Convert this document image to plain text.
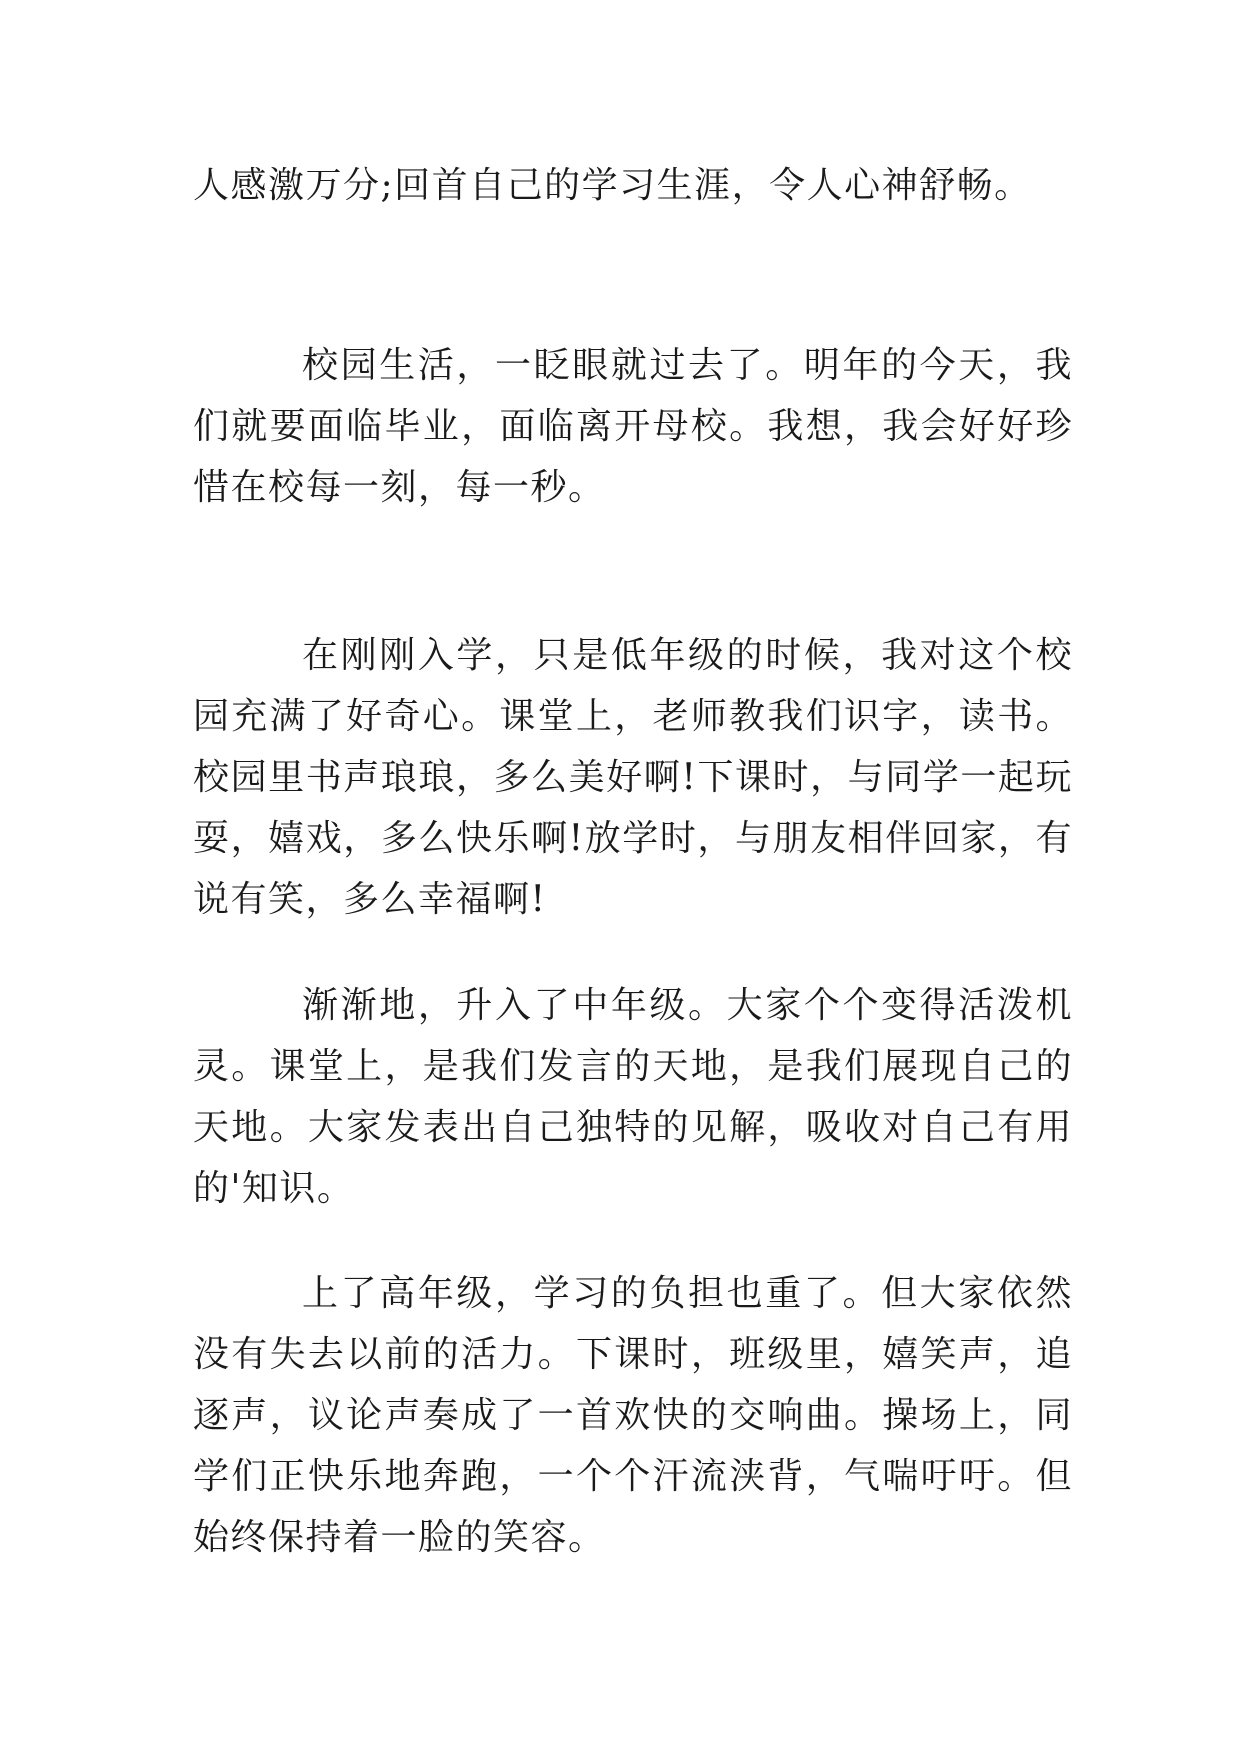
人感激万分;回首自己的学习生涯，令人心神舒畅。

校园生活，一眨眼就过去了。明年的今天，我们就要面临毕业，面临离开母校。我想，我会好好珍惜在校每一刻，每一秒。

在刚刚入学，只是低年级的时候，我对这个校园充满了好奇心。课堂上，老师教我们识字，读书。校园里书声琅琅，多么美好啊!下课时，与同学一起玩耍，嬉戏，多么快乐啊!放学时，与朋友相伴回家，有说有笑，多么幸福啊!

渐渐地，升入了中年级。大家个个变得活泼机灵。课堂上，是我们发言的天地，是我们展现自己的天地。大家发表出自己独特的见解，吸收对自己有用的'知识。

上了高年级，学习的负担也重了。但大家依然没有失去以前的活力。下课时，班级里，嬉笑声，追逐声，议论声奏成了一首欢快的交响曲。操场上，同学们正快乐地奔跑，一个个汗流浃背，气喘吁吁。但始终保持着一脸的笑容。
